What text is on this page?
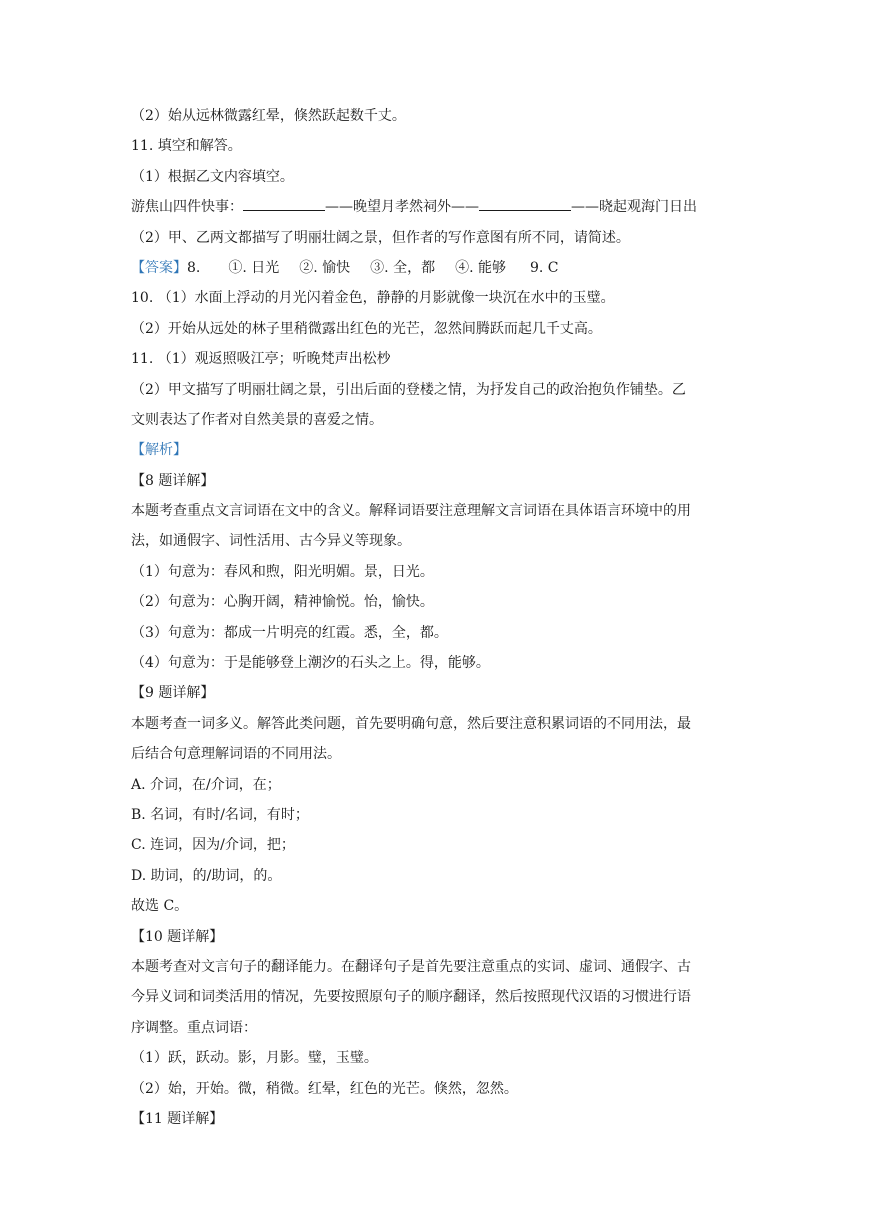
（2）始从远林微露红晕，倏然跃起数千丈。
11. 填空和解答。
（1）根据乙文内容填空。
游焦山四件快事：	——晚望月孝然祠外——	——晓起观海门日出
（2）甲、乙两文都描写了明丽壮阔之景，但作者的写作意图有所不同，请简述。
【答案】8. ①. 日光 ②. 愉快 ③. 全，都 ④. 能够 9. C
10. （1）水面上浮动的月光闪着金色，静静的月影就像一块沉在水中的玉璧。
（2）开始从远处的林子里稍微露出红色的光芒，忽然间腾跃而起几千丈高。
11. （1）观返照吸江亭；听晚梵声出松杪
（2）甲文描写了明丽壮阔之景，引出后面的登楼之情，为抒发自己的政治抱负作铺垫。乙
文则表达了作者对自然美景的喜爱之情。
【解析】
【8 题详解】
本题考查重点文言词语在文中的含义。解释词语要注意理解文言词语在具体语言环境中的用
法，如通假字、词性活用、古今异义等现象。
（1）句意为：春风和煦，阳光明媚。景，日光。
（2）句意为：心胸开阔，精神愉悦。怡，愉快。
（3）句意为：都成一片明亮的红霞。悉，全，都。
（4）句意为：于是能够登上潮汐的石头之上。得，能够。
【9 题详解】
本题考查一词多义。解答此类问题，首先要明确句意，然后要注意积累词语的不同用法，最
后结合句意理解词语的不同用法。
A. 介词，在/介词，在；
B. 名词，有时/名词，有时；
C. 连词，因为/介词，把；
D. 助词，的/助词，的。
故选 C。
【10 题详解】
本题考查对文言句子的翻译能力。在翻译句子是首先要注意重点的实词、虚词、通假字、古
今异义词和词类活用的情况，先要按照原句子的顺序翻译，然后按照现代汉语的习惯进行语
序调整。重点词语：
（1）跃，跃动。影，月影。璧，玉璧。
（2）始，开始。微，稍微。红晕，红色的光芒。倏然，忽然。
【11 题详解】
